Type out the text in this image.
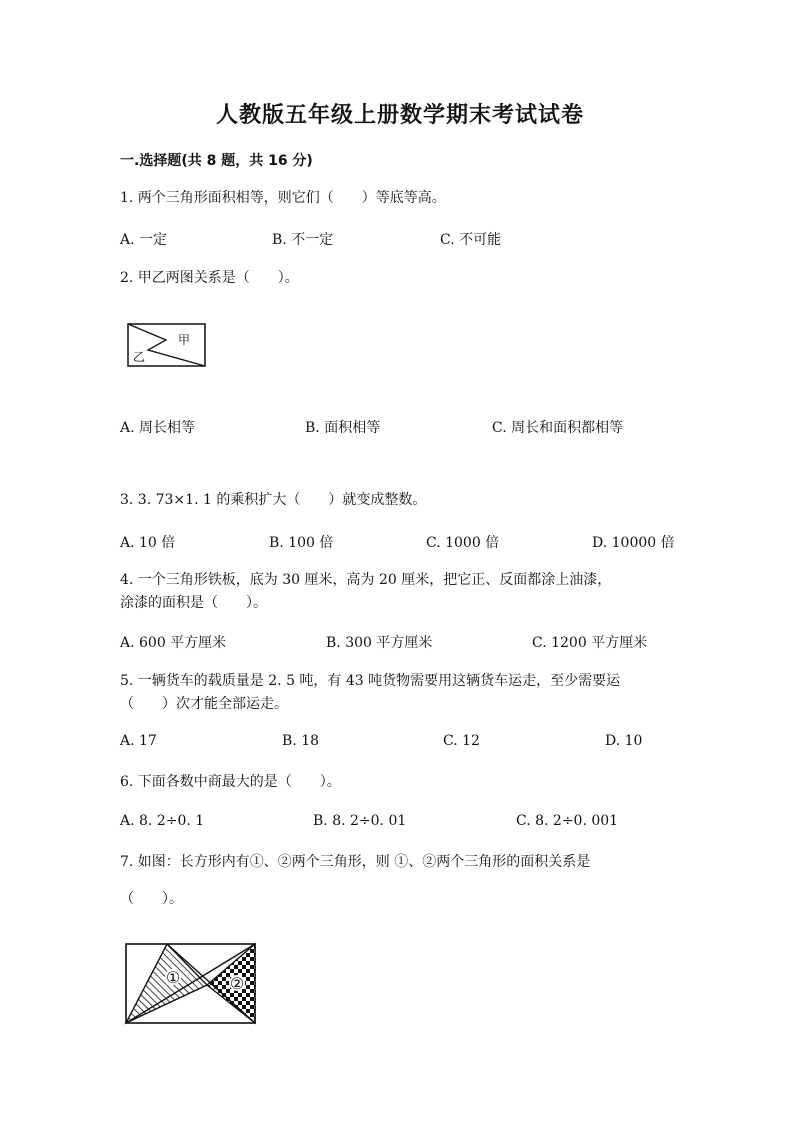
人教版五年级上册数学期末考试试卷
一.选择题(共 8 题，共 16 分)
1. 两个三角形面积相等，则它们（　　）等底等高。
A. 一定	B. 不一定	C. 不可能
2. 甲乙两图关系是（　　）。
甲
乙
A. 周长相等	B. 面积相等	C. 周长和面积都相等
3. 3. 73×1. 1 的乘积扩大（　　）就变成整数。
A. 10 倍	B. 100 倍	C. 1000 倍	D. 10000 倍
4. 一个三角形铁板，底为 30 厘米，高为 20 厘米，把它正、反面都涂上油漆，
涂漆的面积是（　　）。
A. 600 平方厘米	B. 300 平方厘米	C. 1200 平方厘米
5. 一辆货车的载质量是 2. 5 吨，有 43 吨货物需要用这辆货车运走，至少需要运
（　　）次才能全部运走。
A. 17	B. 18	C. 12	D. 10
6. 下面各数中商最大的是（　　）。
A. 8. 2÷0. 1	B. 8. 2÷0. 01	C. 8. 2÷0. 001
7. 如图：长方形内有①、②两个三角形，则 ①、②两个三角形的面积关系是
（　　）。
①	②
